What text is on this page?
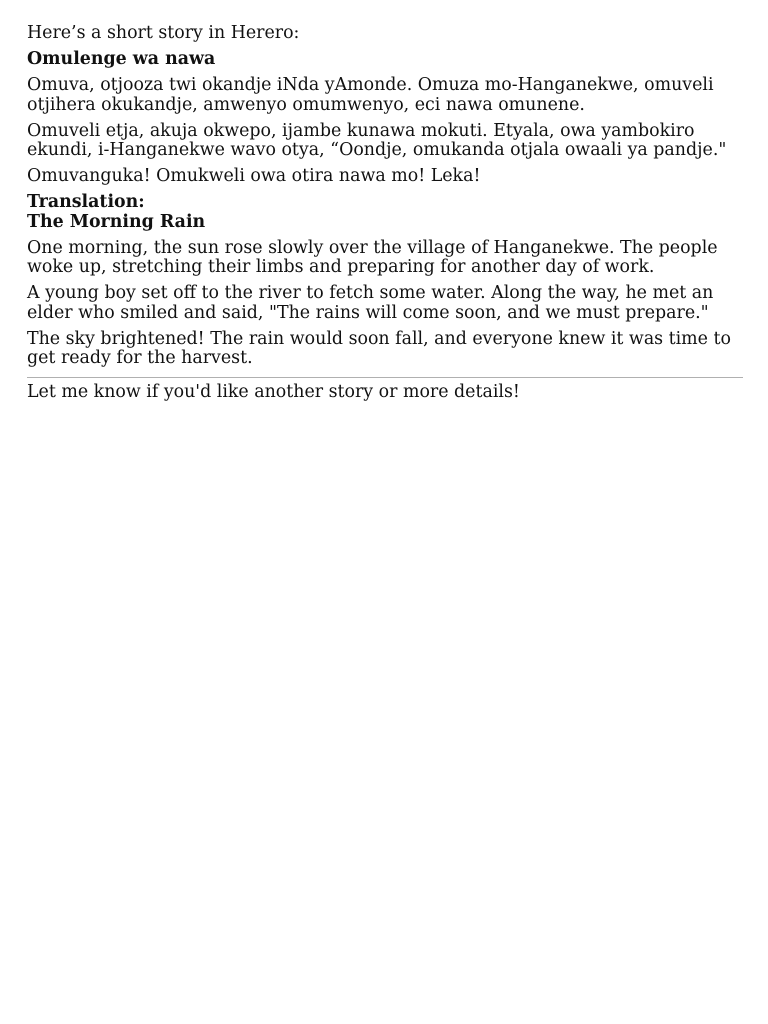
Here’s a short story in Herero:

Omulenge wa nawa

Omuva, otjooza twi okandje iNda yAmonde. Omuza mo-Hanganekwe, omuveli otjihera okukandje, amwenyo omumwenyo, eci nawa omunene.

Omuveli etja, akuja okwepo, ijambe kunawa mokuti. Etyala, owa yambokiro ekundi, i-Hanganekwe wavo otya, “Oondje, omukanda otjala owaali ya pandje."

Omuvanguka! Omukweli owa otira nawa mo! Leka!

Translation:
The Morning Rain

One morning, the sun rose slowly over the village of Hanganekwe. The people woke up, stretching their limbs and preparing for another day of work.

A young boy set off to the river to fetch some water. Along the way, he met an elder who smiled and said, "The rains will come soon, and we must prepare."

The sky brightened! The rain would soon fall, and everyone knew it was time to get ready for the harvest.

Let me know if you'd like another story or more details!
